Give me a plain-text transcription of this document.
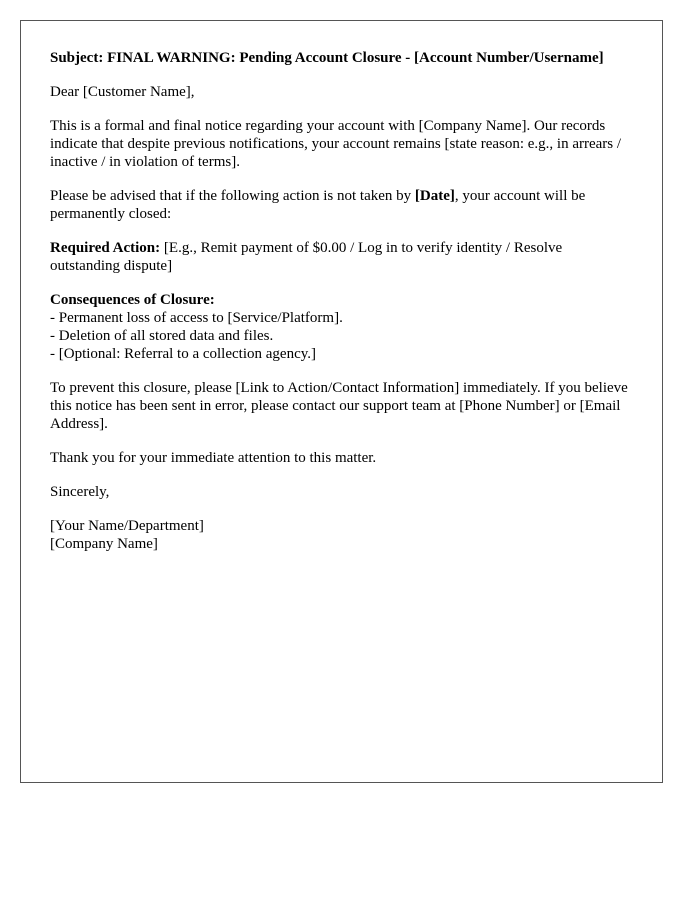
Subject: FINAL WARNING: Pending Account Closure - [Account Number/Username]

Dear [Customer Name],

This is a formal and final notice regarding your account with [Company Name]. Our records indicate that despite previous notifications, your account remains [state reason: e.g., in arrears / inactive / in violation of terms].

Please be advised that if the following action is not taken by [Date], your account will be permanently closed:

Required Action: [E.g., Remit payment of $0.00 / Log in to verify identity / Resolve outstanding dispute]

Consequences of Closure:
- Permanent loss of access to [Service/Platform].
- Deletion of all stored data and files.
- [Optional: Referral to a collection agency.]

To prevent this closure, please [Link to Action/Contact Information] immediately. If you believe this notice has been sent in error, please contact our support team at [Phone Number] or [Email Address].

Thank you for your immediate attention to this matter.

Sincerely,

[Your Name/Department]
[Company Name]
